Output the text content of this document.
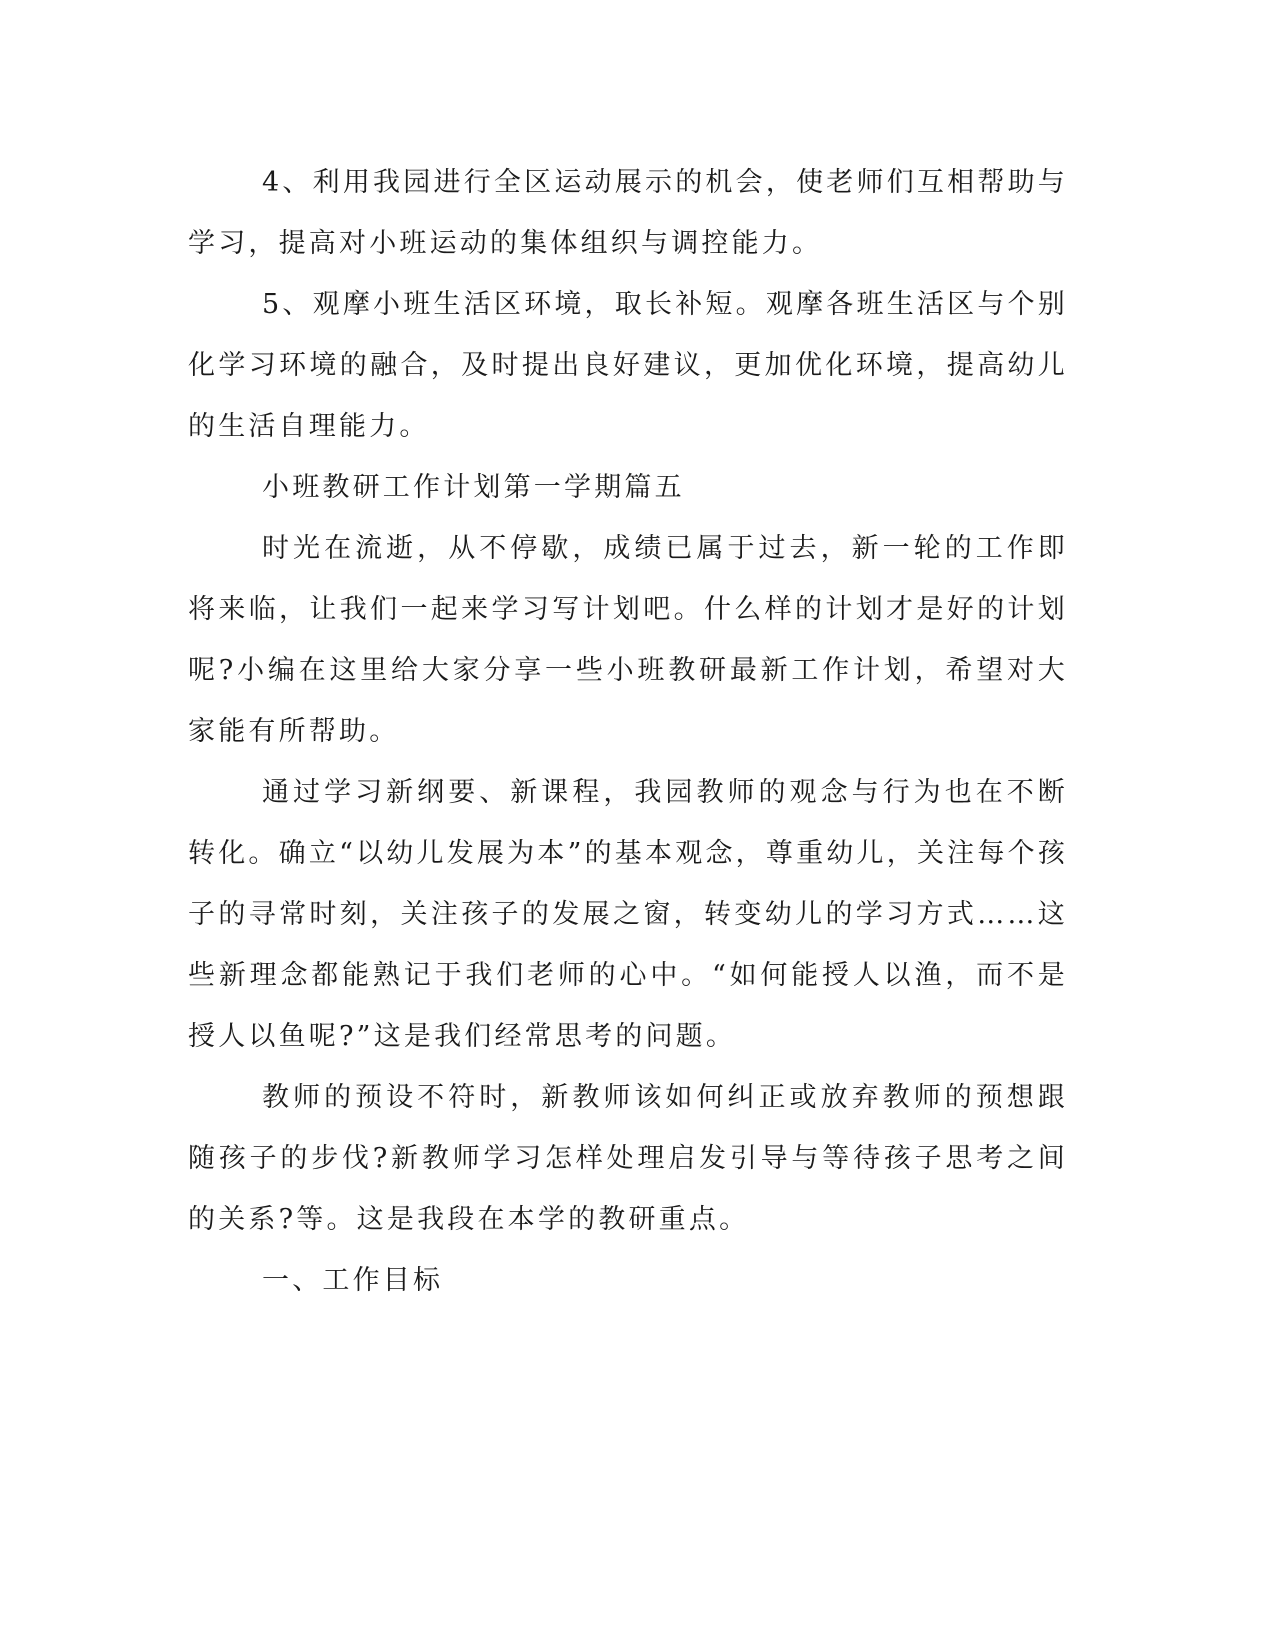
4、利用我园进行全区运动展示的机会，使老师们互相帮助与学习，提高对小班运动的集体组织与调控能力。

5、观摩小班生活区环境，取长补短。观摩各班生活区与个别化学习环境的融合，及时提出良好建议，更加优化环境，提高幼儿的生活自理能力。

小班教研工作计划第一学期篇五

时光在流逝，从不停歇，成绩已属于过去，新一轮的工作即将来临，让我们一起来学习写计划吧。什么样的计划才是好的计划呢?小编在这里给大家分享一些小班教研最新工作计划，希望对大家能有所帮助。

通过学习新纲要、新课程，我园教师的观念与行为也在不断转化。确立“以幼儿发展为本”的基本观念，尊重幼儿，关注每个孩子的寻常时刻，关注孩子的发展之窗，转变幼儿的学习方式……这些新理念都能熟记于我们老师的心中。“如何能授人以渔，而不是授人以鱼呢?”这是我们经常思考的问题。

教师的预设不符时，新教师该如何纠正或放弃教师的预想跟随孩子的步伐?新教师学习怎样处理启发引导与等待孩子思考之间的关系?等。这是我段在本学的教研重点。

一、工作目标
